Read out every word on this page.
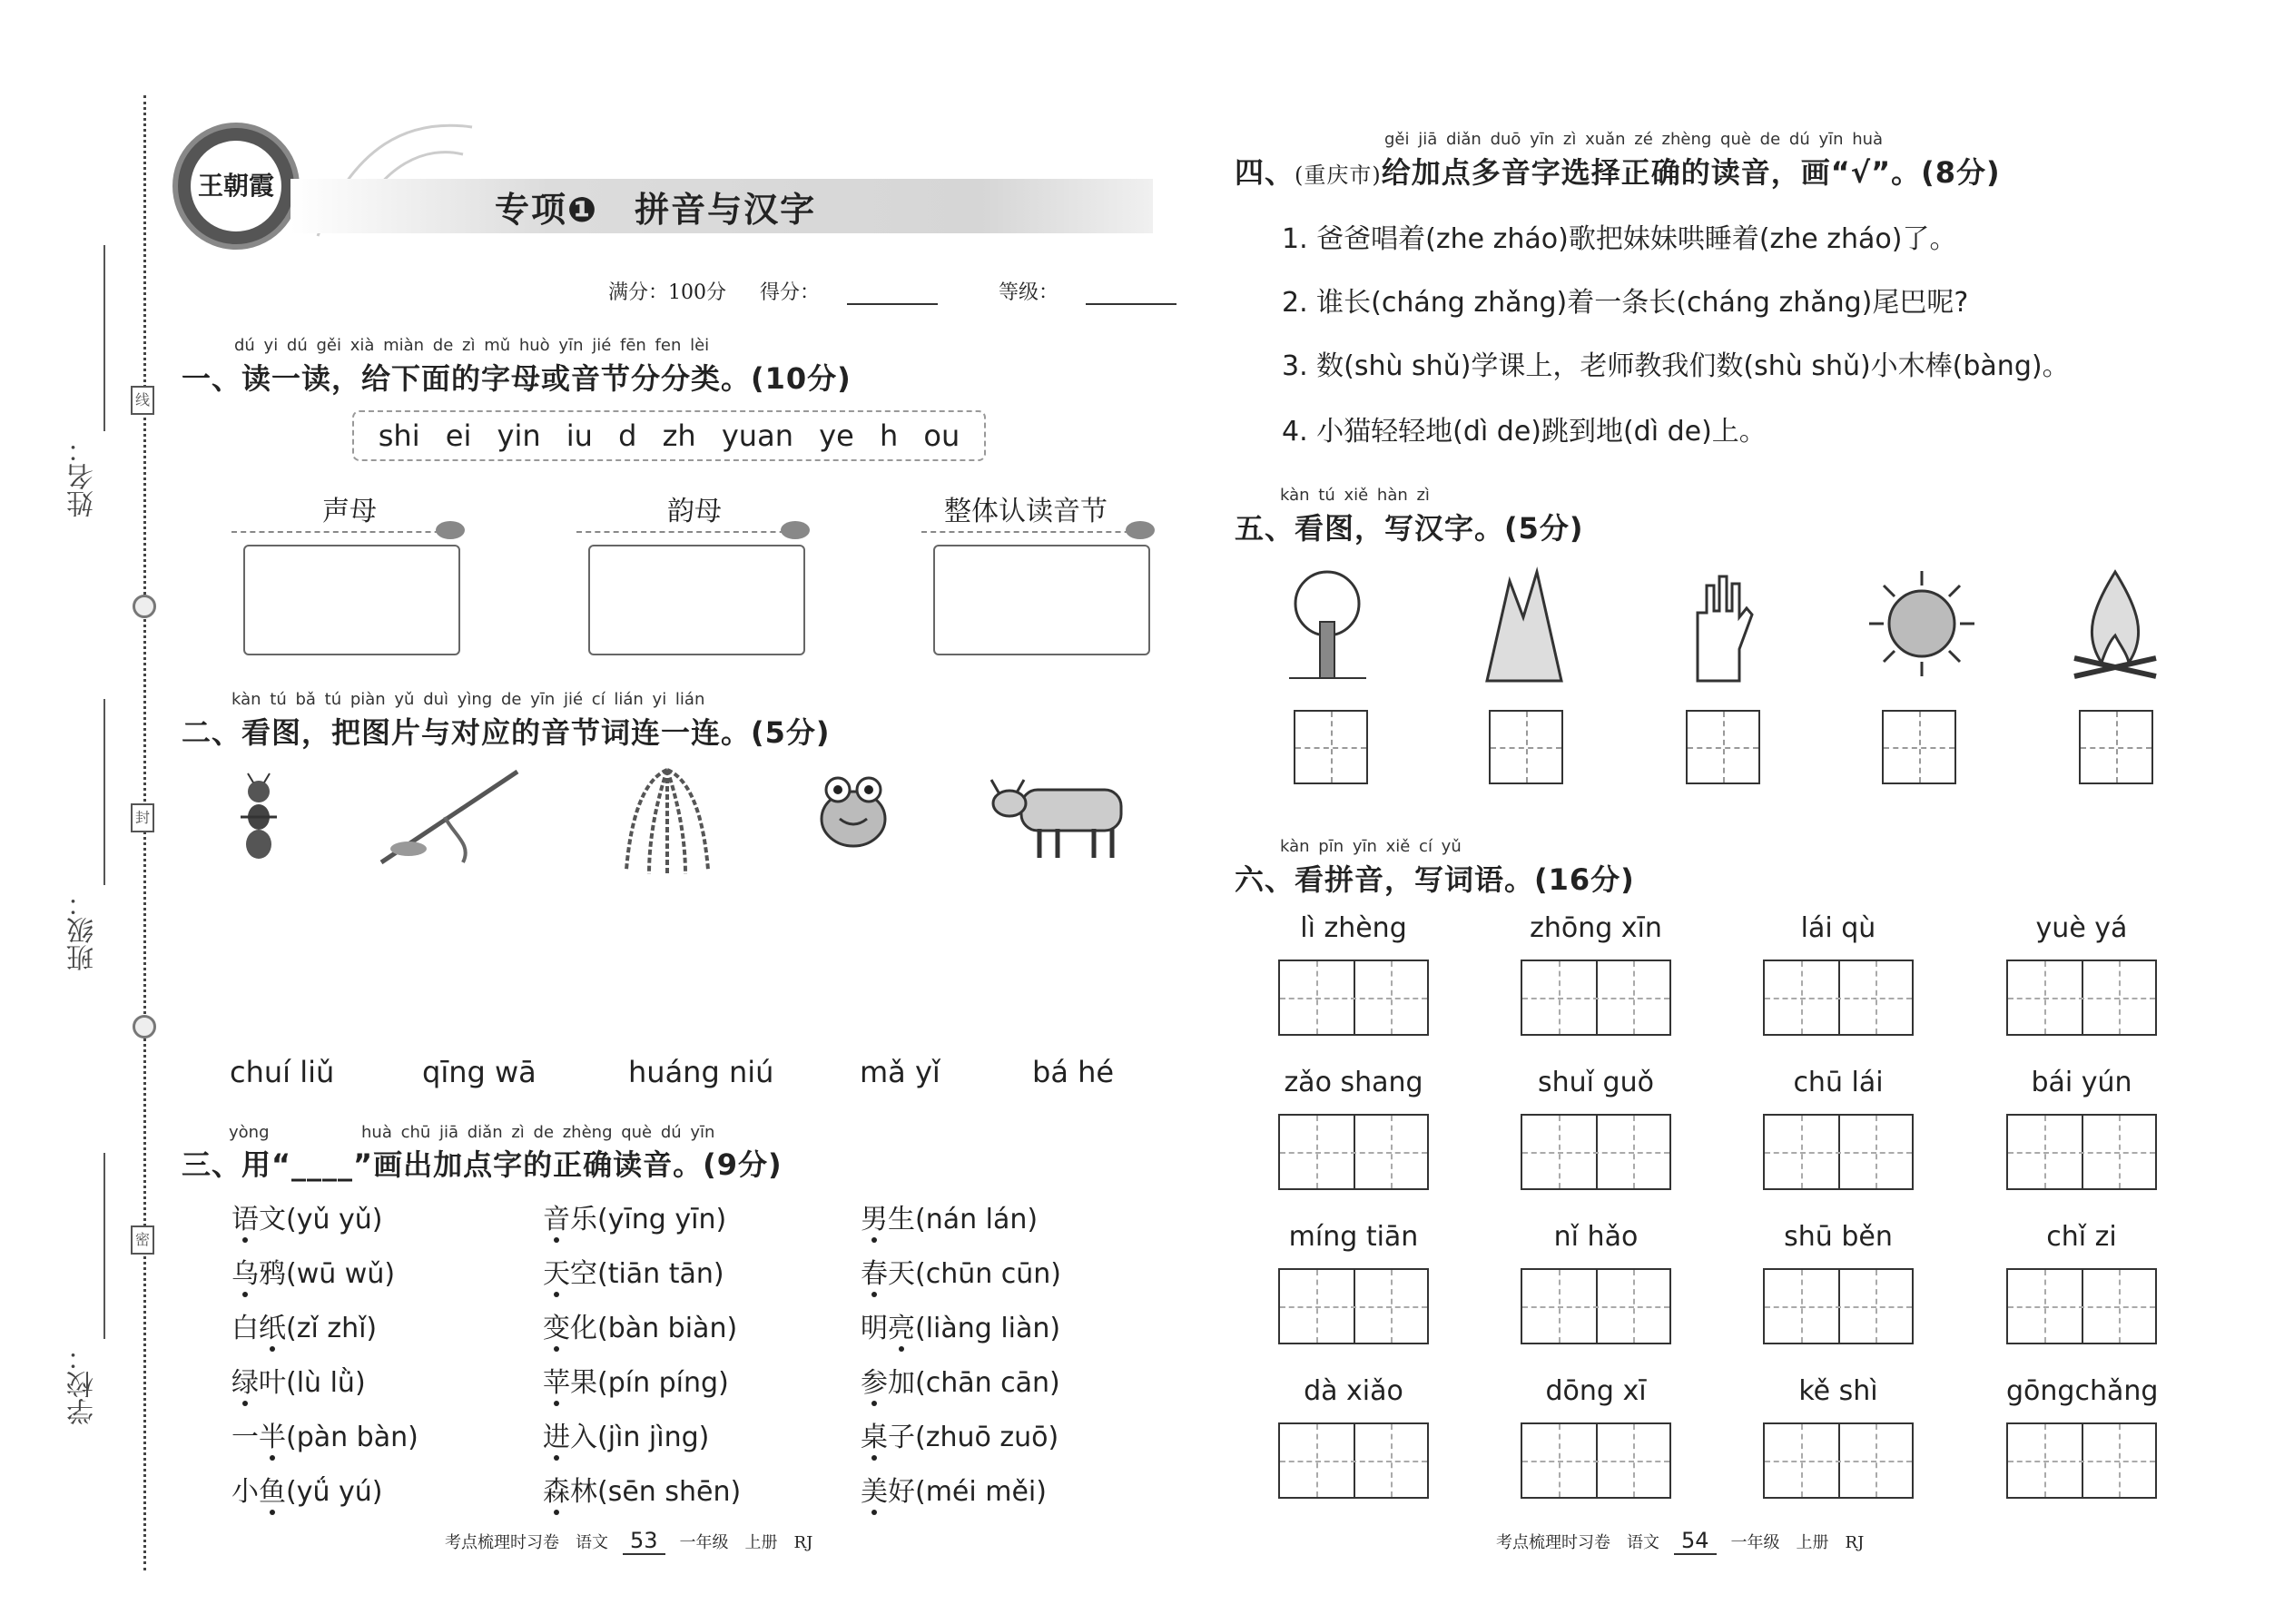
姓名：
班级：
学校：
线
封
密
王朝霞
专项❶　拼音与汉字
满分：100分 得分：	等级：
dú yi dú gěi xià miàn de zì mǔ huò yīn jié fēn fen lèi
一、读一读，给下面的字母或音节分分类。(10分)
shi ei yin iu d zh yuan ye h ou
声母	韵母	整体认读音节
kàn tú bǎ tú piàn yǔ duì yìng de yīn jié cí lián yi lián
二、看图，把图片与对应的音节词连一连。(5分)
chuí liǔ	qīng wā	huáng niú	mǎ yǐ	bá hé
yòng	huà chū jiā diǎn zì de zhèng què dú yīn
三、用“____”画出加点字的正确读音。(9分)
语文(yǔ yǔ)
乌鸦(wū wǔ)
白纸(zǐ zhǐ)
绿叶(lù lǜ)
一半(pàn bàn)
小鱼(yǘ yú)
音乐(yīng yīn)
天空(tiān tān)
变化(bàn biàn)
苹果(pín píng)
进入(jìn jìng)
森林(sēn shēn)
男生(nán lán)
春天(chūn cūn)
明亮(liàng liàn)
参加(chān cān)
桌子(zhuō zuō)
美好(méi měi)
考点梳理时习卷　语文 53 一年级　上册　RJ
gěi jiā diǎn duō yīn zì xuǎn zé zhèng què de dú yīn huà
四、(重庆市)给加点多音字选择正确的读音，画“√”。(8分)
1. 爸爸唱着(zhe zháo)歌把妹妹哄睡着(zhe zháo)了。
2. 谁长(cháng zhǎng)着一条长(cháng zhǎng)尾巴呢?
3. 数(shù shǔ)学课上，老师教我们数(shù shǔ)小木棒(bàng)。
4. 小猫轻轻地(dì de)跳到地(dì de)上。
kàn tú xiě hàn zì
五、看图，写汉字。(5分)
kàn pīn yīn xiě cí yǔ
六、看拼音，写词语。(16分)
lì zhèng	zhōng xīn	lái qù	yuè yá
zǎo shang	shuǐ guǒ	chū lái	bái yún
míng tiān	nǐ hǎo	shū běn	chǐ zi
dà xiǎo	dōng xī	kě shì	gōngchǎng
考点梳理时习卷　语文 54 一年级　上册　RJ
